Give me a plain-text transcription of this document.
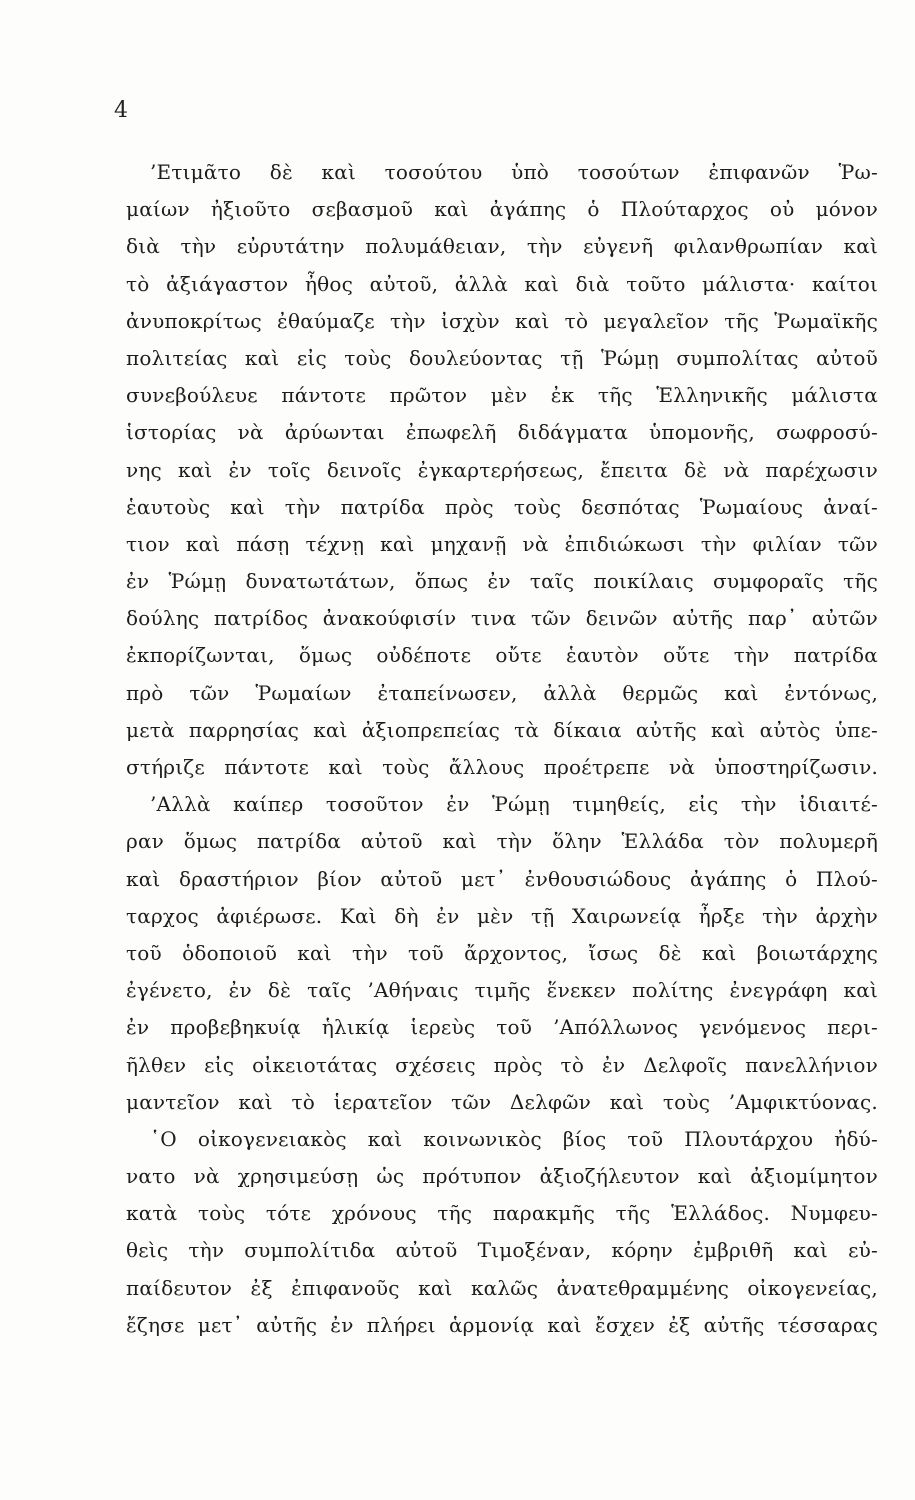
4
’Ετιμᾶτο δὲ καὶ τοσούτου ὑπὸ τοσούτων ἐπιφανῶν Ῥω-
μαίων ἠξιοῦτο σεβασμοῦ καὶ ἀγάπης ὁ Πλούταρχος οὐ μόνον
διὰ τὴν εὐρυτάτην πολυμάθειαν, τὴν εὐγενῆ φιλανθρωπίαν καὶ
τὸ ἀξιάγαστον ἦθος αὐτοῦ, ἀλλὰ καὶ διὰ τοῦτο μάλιστα· καίτοι
ἀνυποκρίτως ἐθαύμαζε τὴν ἰσχὺν καὶ τὸ μεγαλεῖον τῆς Ῥωμαϊκῆς
πολιτείας καὶ εἰς τοὺς δουλεύοντας τῇ Ῥώμῃ συμπολίτας αὐτοῦ
συνεβούλευε πάντοτε πρῶτον μὲν ἐκ τῆς Ἑλληνικῆς μάλιστα
ἱστορίας νὰ ἀρύωνται ἐπωφελῆ διδάγματα ὑπομονῆς, σωφροσύ-
νης καὶ ἐν τοῖς δεινοῖς ἐγκαρτερήσεως, ἔπειτα δὲ νὰ παρέχωσιν
ἑαυτοὺς καὶ τὴν πατρίδα πρὸς τοὺς δεσπότας Ῥωμαίους ἀναί-
τιον καὶ πάσῃ τέχνῃ καὶ μηχανῇ νὰ ἐπιδιώκωσι τὴν φιλίαν τῶν
ἐν Ῥώμῃ δυνατωτάτων, ὅπως ἐν ταῖς ποικίλαις συμφοραῖς τῆς
δούλης πατρίδος ἀνακούφισίν τινα τῶν δεινῶν αὐτῆς παρ᾽ αὐτῶν
ἐκπορίζωνται, ὅμως οὐδέποτε οὔτε ἑαυτὸν οὔτε τὴν πατρίδα
πρὸ τῶν Ῥωμαίων ἐταπείνωσεν, ἀλλὰ θερμῶς καὶ ἐντόνως,
μετὰ παρρησίας καὶ ἀξιοπρεπείας τὰ δίκαια αὐτῆς καὶ αὐτὸς ὑπε-
στήριζε πάντοτε καὶ τοὺς ἄλλους προέτρεπε νὰ ὑποστηρίζωσιν.
’Αλλὰ καίπερ τοσοῦτον ἐν Ῥώμῃ τιμηθείς, εἰς τὴν ἰδιαιτέ-
ραν ὅμως πατρίδα αὐτοῦ καὶ τὴν ὅλην Ἑλλάδα τὸν πολυμερῆ
καὶ δραστήριον βίον αὐτοῦ μετ᾽ ἐνθουσιώδους ἀγάπης ὁ Πλού-
ταρχος ἀφιέρωσε. Καὶ δὴ ἐν μὲν τῇ Χαιρωνείᾳ ἦρξε τὴν ἀρχὴν
τοῦ ὁδοποιοῦ καὶ τὴν τοῦ ἄρχοντος, ἴσως δὲ καὶ βοιωτάρχης
ἐγένετο, ἐν δὲ ταῖς ’Αθήναις τιμῆς ἕνεκεν πολίτης ἐνεγράφη καὶ
ἐν προβεβηκυίᾳ ἡλικίᾳ ἱερεὺς τοῦ ’Απόλλωνος γενόμενος περι-
ῆλθεν εἰς οἰκειοτάτας σχέσεις πρὸς τὸ ἐν Δελφοῖς πανελλήνιον
μαντεῖον καὶ τὸ ἱερατεῖον τῶν Δελφῶν καὶ τοὺς ’Αμφικτύονας.
῾Ο οἰκογενειακὸς καὶ κοινωνικὸς βίος τοῦ Πλουτάρχου ἠδύ-
νατο νὰ χρησιμεύσῃ ὡς πρότυπον ἀξιοζήλευτον καὶ ἀξιομίμητον
κατὰ τοὺς τότε χρόνους τῆς παρακμῆς τῆς Ἑλλάδος. Νυμφευ-
θεὶς τὴν συμπολίτιδα αὐτοῦ Τιμοξέναν, κόρην ἐμβριθῆ καὶ εὐ-
παίδευτον ἐξ ἐπιφανοῦς καὶ καλῶς ἀνατεθραμμένης οἰκογενείας,
ἔζησε μετ᾽ αὐτῆς ἐν πλήρει ἁρμονίᾳ καὶ ἔσχεν ἐξ αὐτῆς τέσσαρας
